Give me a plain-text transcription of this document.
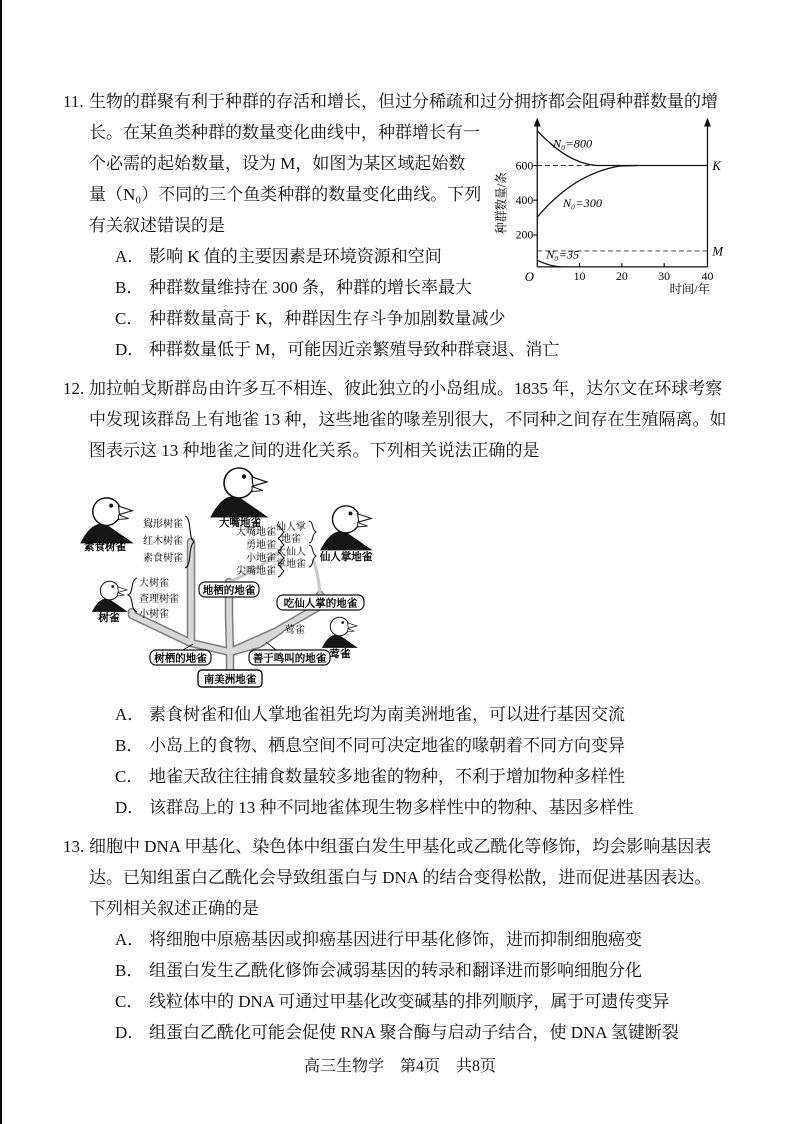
N₀=800
N₀=300
N₀=35
600
400
200
10	20	30	40
O
K
M
种群数量/条
时间/年
11. 生物的群聚有利于种群的存活和增长，但过分稀疏和过分拥挤都会阻碍种群数量的增
长。在某鱼类种群的数量变化曲线中，种群增长有一
个必需的起始数量，设为 M，如图为某区域起始数
量（N₀）不同的三个鱼类种群的数量变化曲线。下列
有关叙述错误的是
A． 影响 K 值的主要因素是环境资源和空间
B． 种群数量维持在 300 条，种群的增长率最大
C． 种群数量高于 K，种群因生存斗争加剧数量减少
D． 种群数量低于 M，可能因近亲繁殖导致种群衰退、消亡
12. 加拉帕戈斯群岛由许多互不相连、彼此独立的小岛组成。1835 年，达尔文在环球考察
中发现该群岛上有地雀 13 种，这些地雀的喙差别很大，不同种之间存在生殖隔离。如
图表示这 13 种地雀之间的进化关系。下列相关说法正确的是
素食树雀
树雀
大嘴地雀
仙人掌地雀
莺雀
鴷形树雀
红木树雀
素食树雀
大树雀
查理树雀
小树雀
大嘴地雀
勇地雀
小地雀
尖嘴地雀
仙人掌
地雀
大仙人
掌地雀
莺雀
地栖的地雀
吃仙人掌的地雀
树栖的地雀	善于鸣叫的地雀
南美洲地雀
A． 素食树雀和仙人掌地雀祖先均为南美洲地雀，可以进行基因交流
B． 小岛上的食物、栖息空间不同可决定地雀的喙朝着不同方向变异
C． 地雀天敌往往捕食数量较多地雀的物种，不利于增加物种多样性
D． 该群岛上的 13 种不同地雀体现生物多样性中的物种、基因多样性
13. 细胞中 DNA 甲基化、染色体中组蛋白发生甲基化或乙酰化等修饰，均会影响基因表
达。已知组蛋白乙酰化会导致组蛋白与 DNA 的结合变得松散，进而促进基因表达。
下列相关叙述正确的是
A． 将细胞中原癌基因或抑癌基因进行甲基化修饰，进而抑制细胞癌变
B． 组蛋白发生乙酰化修饰会减弱基因的转录和翻译进而影响细胞分化
C． 线粒体中的 DNA 可通过甲基化改变碱基的排列顺序，属于可遗传变异
D． 组蛋白乙酰化可能会促使 RNA 聚合酶与启动子结合，使 DNA 氢键断裂
高三生物学　第4页　共8页
